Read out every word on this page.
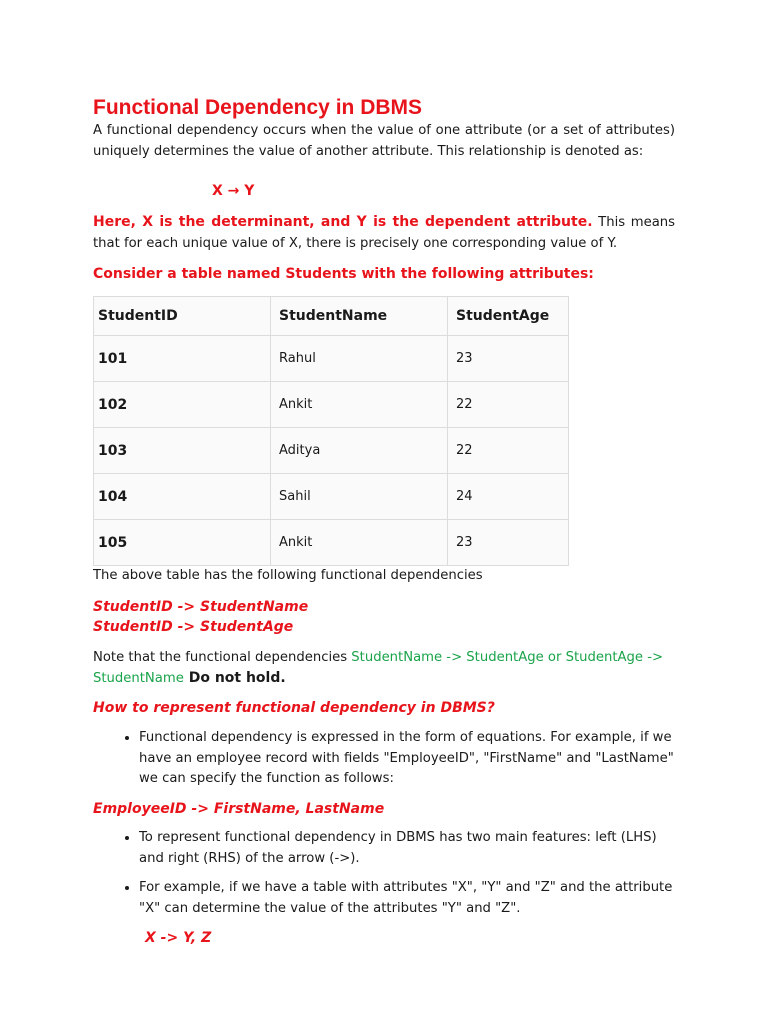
Functional Dependency in DBMS

A functional dependency occurs when the value of one attribute (or a set of attributes) uniquely determines the value of another attribute. This relationship is denoted as:

X → Y

Here, X is the determinant, and Y is the dependent attribute. This means that for each unique value of X, there is precisely one corresponding value of Y.

Consider a table named Students with the following attributes:

StudentID	StudentName	StudentAge
101	Rahul	23
102	Ankit	22
103	Aditya	22
104	Sahil	24
105	Ankit	23

The above table has the following functional dependencies

StudentID -> StudentName

StudentID -> StudentAge

Note that the functional dependencies StudentName -> StudentAge or StudentAge -> StudentName Do not hold.

How to represent functional dependency in DBMS?

• Functional dependency is expressed in the form of equations. For example, if we have an employee record with fields "EmployeeID", "FirstName" and "LastName" we can specify the function as follows:

EmployeeID -> FirstName, LastName

• To represent functional dependency in DBMS has two main features: left (LHS) and right (RHS) of the arrow (->).
• For example, if we have a table with attributes "X", "Y" and "Z" and the attribute "X" can determine the value of the attributes "Y" and "Z".

X -> Y, Z
